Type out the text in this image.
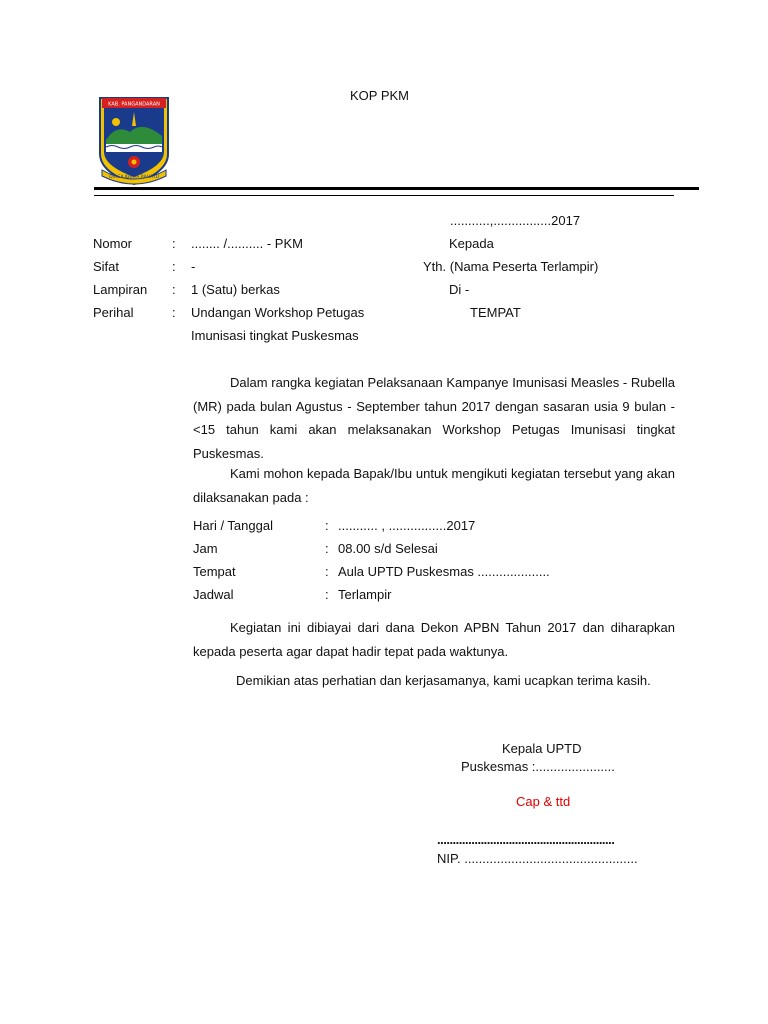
KAB. PANGANDARAN
DIRGA KARYA RAHAYU
KOP PKM
...........,................2017
Nomor	: ........ /.......... - PKM
Sifat	: -
Lampiran : 1 (Satu) berkas
Perihal	: Undangan Workshop Petugas
Imunisasi tingkat Puskesmas
Kepada
Yth. (Nama Peserta Terlampir)
Di -
TEMPAT
Dalam rangka kegiatan Pelaksanaan Kampanye Imunisasi Measles - Rubella (MR) pada bulan Agustus - September tahun 2017 dengan sasaran usia 9 bulan - <15 tahun kami akan melaksanakan Workshop Petugas Imunisasi tingkat Puskesmas.
Kami mohon kepada Bapak/Ibu untuk mengikuti kegiatan tersebut yang akan dilaksanakan pada :
Hari / Tanggal	: ........... , ................2017
Jam	: 08.00 s/d Selesai
Tempat	: Aula UPTD Puskesmas ....................
Jadwal	: Terlampir
Kegiatan ini dibiayai dari dana Dekon APBN Tahun 2017 dan diharapkan kepada peserta agar dapat hadir tepat pada waktunya.
Demikian atas perhatian dan kerjasamanya, kami ucapkan terima kasih.
Kepala UPTD
Puskesmas :......................
Cap & ttd
.........................................................
NIP. ................................................
